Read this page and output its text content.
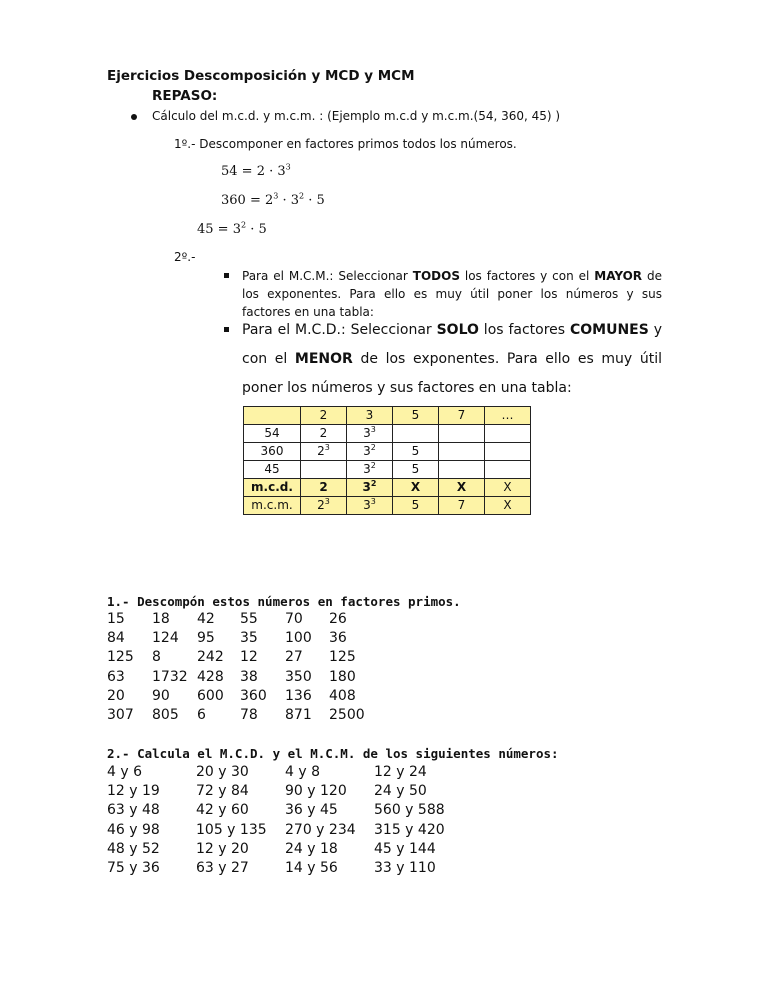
Ejercicios Descomposición y MCD y MCM
REPASO:
Cálculo del m.c.d. y m.c.m. : (Ejemplo m.c.d y m.c.m.(54, 360, 45) )
1º.- Descomponer en factores primos todos los números.
$54 = 2 \cdot 3^3$
$360 = 2^3 \cdot 3^2 \cdot 5$
$45 = 3^2 \cdot 5$
2º.-
Para el M.C.M.: Seleccionar TODOS los factores y con el MAYOR de los exponentes. Para ello es muy útil poner los números y sus factores en una tabla:
Para el M.C.D.: Seleccionar SOLO los factores COMUNES y con el MENOR de los exponentes. Para ello es muy útil poner los números y sus factores en una tabla:
	2	3	5	7	…
54	2	$3^3$			
360	$2^3$	$3^2$	5		
45		$3^2$	5		
m.c.d.	2	$3^2$	X	X	X
m.c.m.	$2^3$	$3^3$	5	7	X
1.- Descompón estos números en factores primos.
15 18 42 55 70 26
84 124 95 35 100 36
125 8	242 12 27 125
63 1732 428 38 350 180
20 90 600 360 136 408
307 805 6 78 871 2500
2.- Calcula el M.C.D. y el M.C.M. de los siguientes números:
4 y 6	20 y 30	4 y 8	12 y 24
12 y 19	72 y 84	90 y 120 24 y 50
63 y 48	42 y 60	36 y 45	560 y 588
46 y 98	105 y 135 270 y 234 315 y 420
48 y 52	12 y 20	24 y 18	45 y 144
75 y 36	63 y 27	14 y 56	33 y 110
